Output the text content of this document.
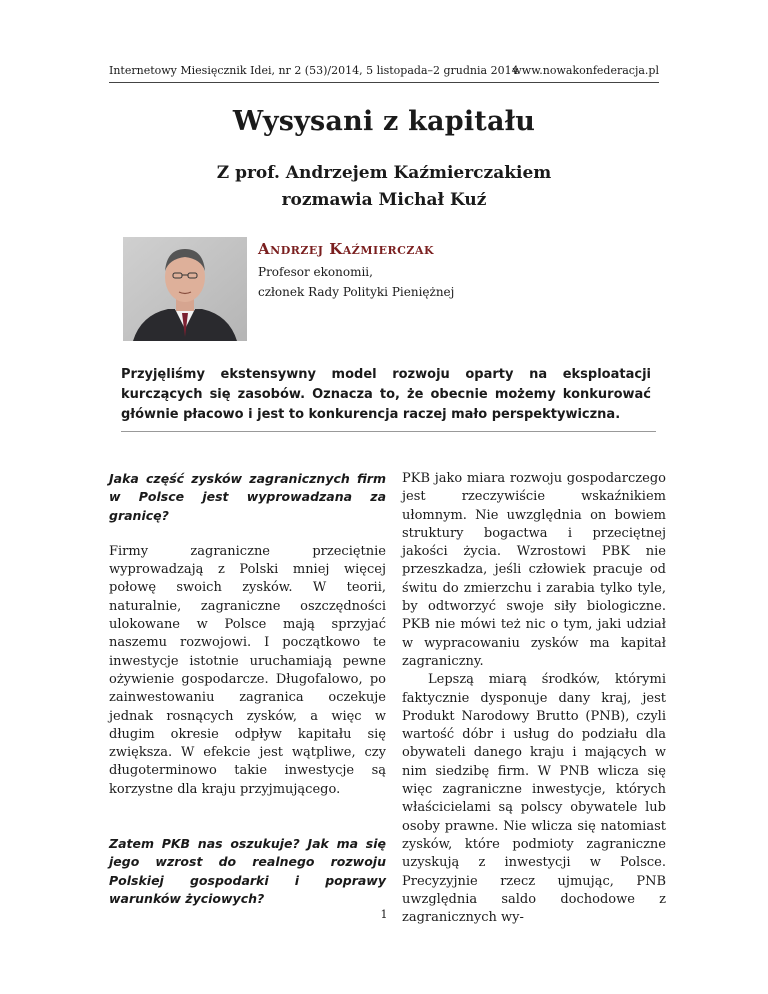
Internetowy Miesięcznik Idei, nr 2 (53)/2014, 5 listopada–2 grudnia 2014
www.nowakonfederacja.pl
Wysysani z kapitału
Z prof. Andrzejem Kaźmierczakiem
rozmawia Michał Kuź
Andrzej Kaźmierczak
Profesor ekonomii,
członek Rady Polityki Pieniężnej
Przyjęliśmy ekstensywny model rozwoju oparty na eksploatacji kurczących się zasobów. Oznacza to, że obecnie możemy konkurować głównie płacowo i jest to konkurencja raczej mało perspektywiczna.

Jaka część zysków zagranicznych firm w Polsce jest wyprowadzana za granicę?

Firmy zagraniczne przeciętnie wyprowadzają z Polski mniej więcej połowę swoich zysków. W teorii, naturalnie, zagraniczne oszczędności ulokowane w Polsce mają sprzyjać naszemu rozwojowi. I początkowo te inwestycje istotnie uruchamiają pewne ożywienie gospodarcze. Długofalowo, po zainwestowaniu zagranica oczekuje jednak rosnących zysków, a więc w długim okresie odpływ kapitału się zwiększa. W efekcie jest wątpliwe, czy długoterminowo takie inwestycje są korzystne dla kraju przyjmującego.

Zatem PKB nas oszukuje? Jak ma się jego wzrost do realnego rozwoju Polskiej gospodarki i poprawy warunków życiowych?

PKB jako miara rozwoju gospodarczego jest rzeczywiście wskaźnikiem ułomnym. Nie uwzględnia on bowiem struktury bogactwa i przeciętnej jakości życia. Wzrostowi PBK nie przeszkadza, jeśli człowiek pracuje od świtu do zmierzchu i zarabia tylko tyle, by odtworzyć swoje siły biologiczne. PKB nie mówi też nic o tym, jaki udział w wypracowaniu zysków ma kapitał zagraniczny.

Lepszą miarą środków, którymi faktycznie dysponuje dany kraj, jest Produkt Narodowy Brutto (PNB), czyli wartość dóbr i usług do podziału dla obywateli danego kraju i mających w nim siedzibę firm. W PNB wlicza się więc zagraniczne inwestycje, których właścicielami są polscy obywatele lub osoby prawne. Nie wlicza się natomiast zysków, które podmioty zagraniczne uzyskują z inwestycji w Polsce. Precyzyjnie rzecz ujmując, PNB uwzględnia saldo dochodowe z zagranicznych wy-

1
